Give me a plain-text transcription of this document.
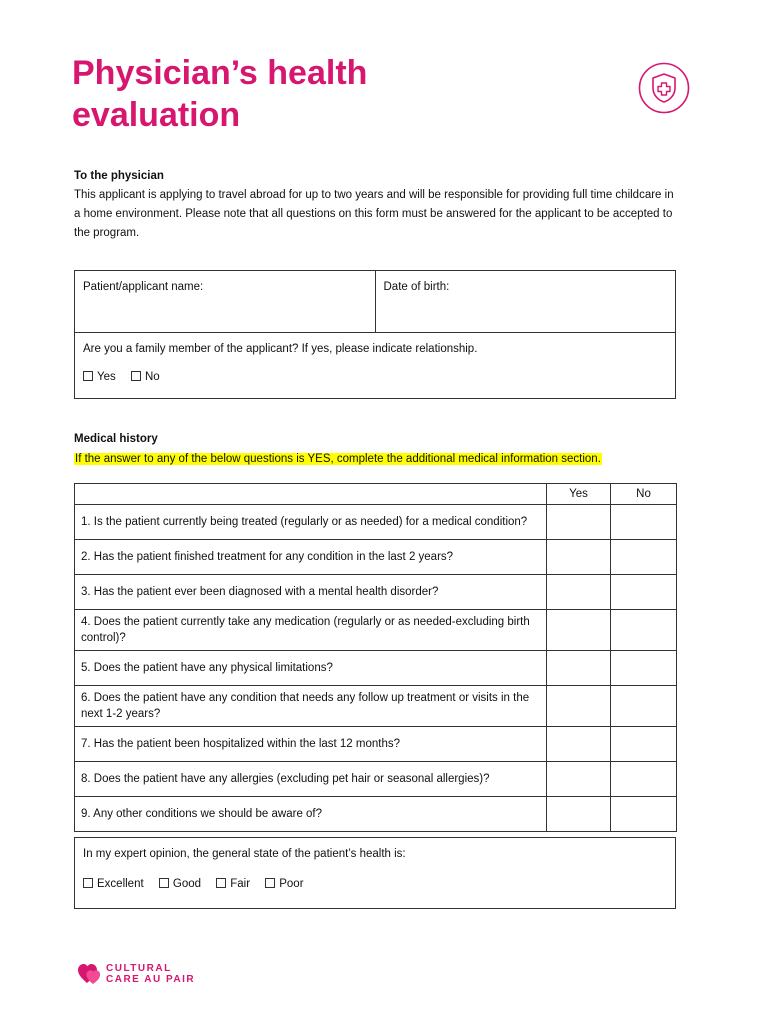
Physician’s health
evaluation

To the physician

This applicant is applying to travel abroad for up to two years and will be responsible for providing full time childcare in a home environment. Please note that all questions on this form must be answered for the applicant to be accepted to the program.

Patient/applicant name:	Date of birth:

Are you a family member of the applicant? If yes, please indicate relationship.
Yes	No

Medical history

If the answer to any of the below questions is YES, complete the additional medical information section.

	Yes	No
1. Is the patient currently being treated (regularly or as needed) for a medical condition?		
2. Has the patient finished treatment for any condition in the last 2 years?		
3. Has the patient ever been diagnosed with a mental health disorder?		
4. Does the patient currently take any medication (regularly or as needed-excluding birth control)?		
5. Does the patient have any physical limitations?		
6. Does the patient have any condition that needs any follow up treatment or visits in the next 1-2 years?		
7. Has the patient been hospitalized within the last 12 months?		
8. Does the patient have any allergies (excluding pet hair or seasonal allergies)?		
9. Any other conditions we should be aware of?		
In my expert opinion, the general state of the patient’s health is:
Excellent	Good	Fair	Poor
CULTURAL
CARE AU PAIR
